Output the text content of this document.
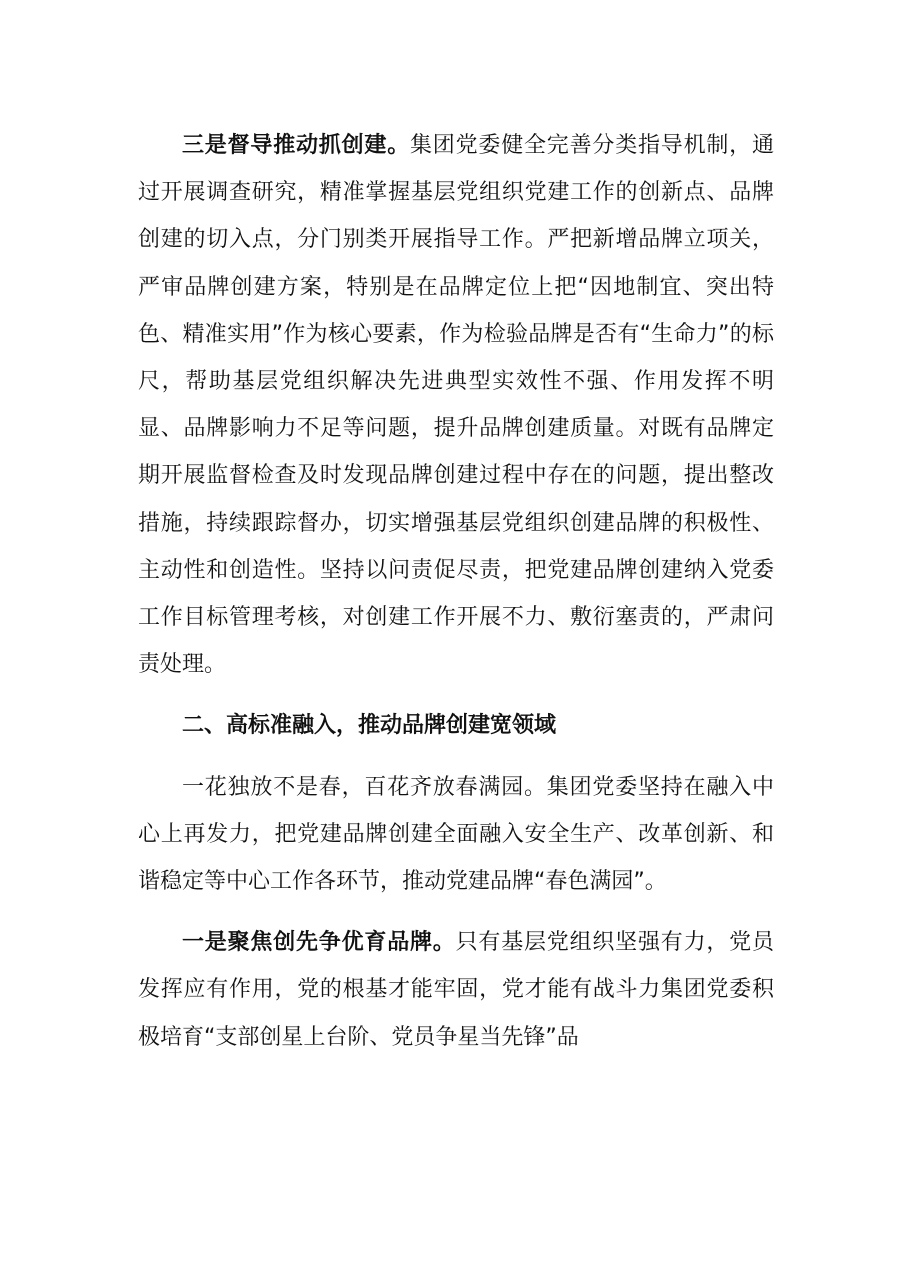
三是督导推动抓创建。集团党委健全完善分类指导机制，通过开展调查研究，精准掌握基层党组织党建工作的创新点、品牌创建的切入点，分门别类开展指导工作。严把新增品牌立项关，严审品牌创建方案，特别是在品牌定位上把“因地制宜、突出特色、精准实用”作为核心要素，作为检验品牌是否有“生命力”的标尺，帮助基层党组织解决先进典型实效性不强、作用发挥不明显、品牌影响力不足等问题，提升品牌创建质量。对既有品牌定期开展监督检查及时发现品牌创建过程中存在的问题，提出整改措施，持续跟踪督办，切实增强基层党组织创建品牌的积极性、主动性和创造性。坚持以问责促尽责，把党建品牌创建纳入党委工作目标管理考核，对创建工作开展不力、敷衍塞责的，严肃问责处理。

二、高标准融入，推动品牌创建宽领域

一花独放不是春，百花齐放春满园。集团党委坚持在融入中心上再发力，把党建品牌创建全面融入安全生产、改革创新、和谐稳定等中心工作各环节，推动党建品牌“春色满园”。

一是聚焦创先争优育品牌。只有基层党组织坚强有力，党员发挥应有作用，党的根基才能牢固，党才能有战斗力集团党委积极培育“支部创星上台阶、党员争星当先锋”品
